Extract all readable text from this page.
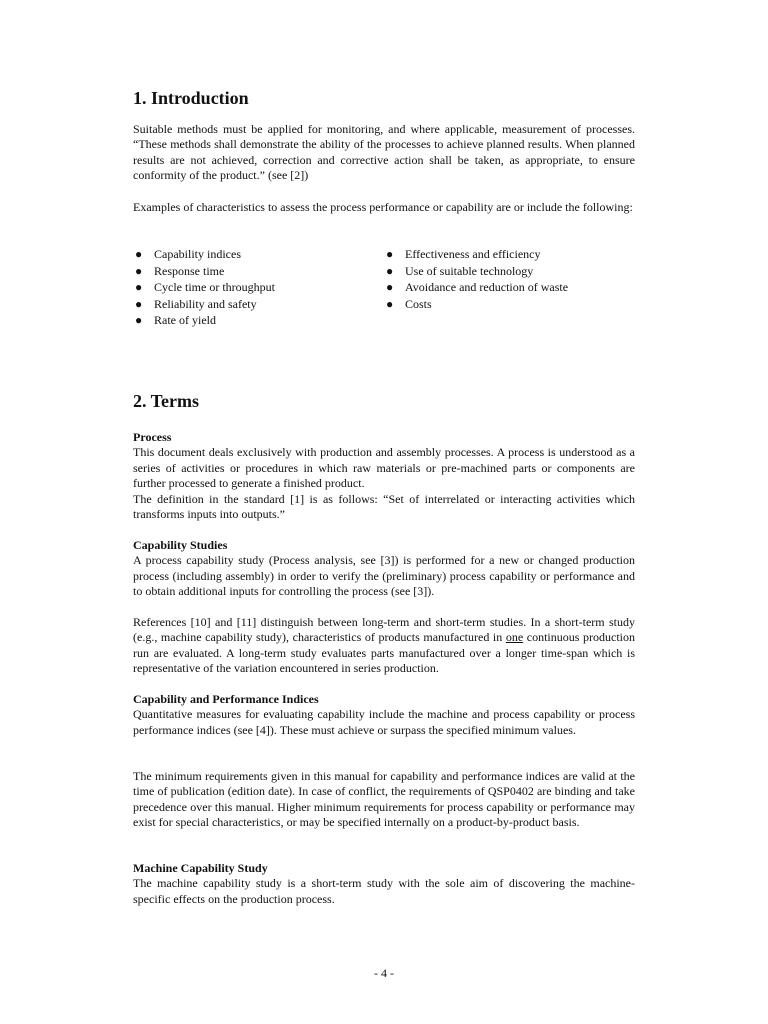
1. Introduction

Suitable methods must be applied for monitoring, and where applicable, measurement of processes. “These methods shall demonstrate the ability of the processes to achieve planned results. When planned results are not achieved, correction and corrective action shall be taken, as appropriate, to ensure conformity of the product.” (see [2])

Examples of characteristics to assess the process performance or capability are or include the following:

● Capability indices
● Response time
● Cycle time or throughput
● Reliability and safety
● Rate of yield
● Effectiveness and efficiency
● Use of suitable technology
● Avoidance and reduction of waste
● Costs
2. Terms
Process

This document deals exclusively with production and assembly processes. A process is understood as a series of activities or procedures in which raw materials or pre-machined parts or components are further processed to generate a finished product.

The definition in the standard [1] is as follows: “Set of interrelated or interacting activities which transforms inputs into outputs.”

Capability Studies

A process capability study (Process analysis, see [3]) is performed for a new or changed production process (including assembly) in order to verify the (preliminary) process capability or performance and to obtain additional inputs for controlling the process (see [3]).

References [10] and [11] distinguish between long-term and short-term studies. In a short-term study (e.g., machine capability study), characteristics of products manufactured in one continuous production run are evaluated. A long-term study evaluates parts manufactured over a longer time-span which is representative of the variation encountered in series production.

Capability and Performance Indices

Quantitative measures for evaluating capability include the machine and process capability or process performance indices (see [4]). These must achieve or surpass the specified minimum values.

The minimum requirements given in this manual for capability and performance indices are valid at the time of publication (edition date). In case of conflict, the requirements of QSP0402 are binding and take precedence over this manual. Higher minimum requirements for process capability or performance may exist for special characteristics, or may be specified internally on a product-by-product basis.

Machine Capability Study

The machine capability study is a short-term study with the sole aim of discovering the machine-specific effects on the production process.

- 4 -
